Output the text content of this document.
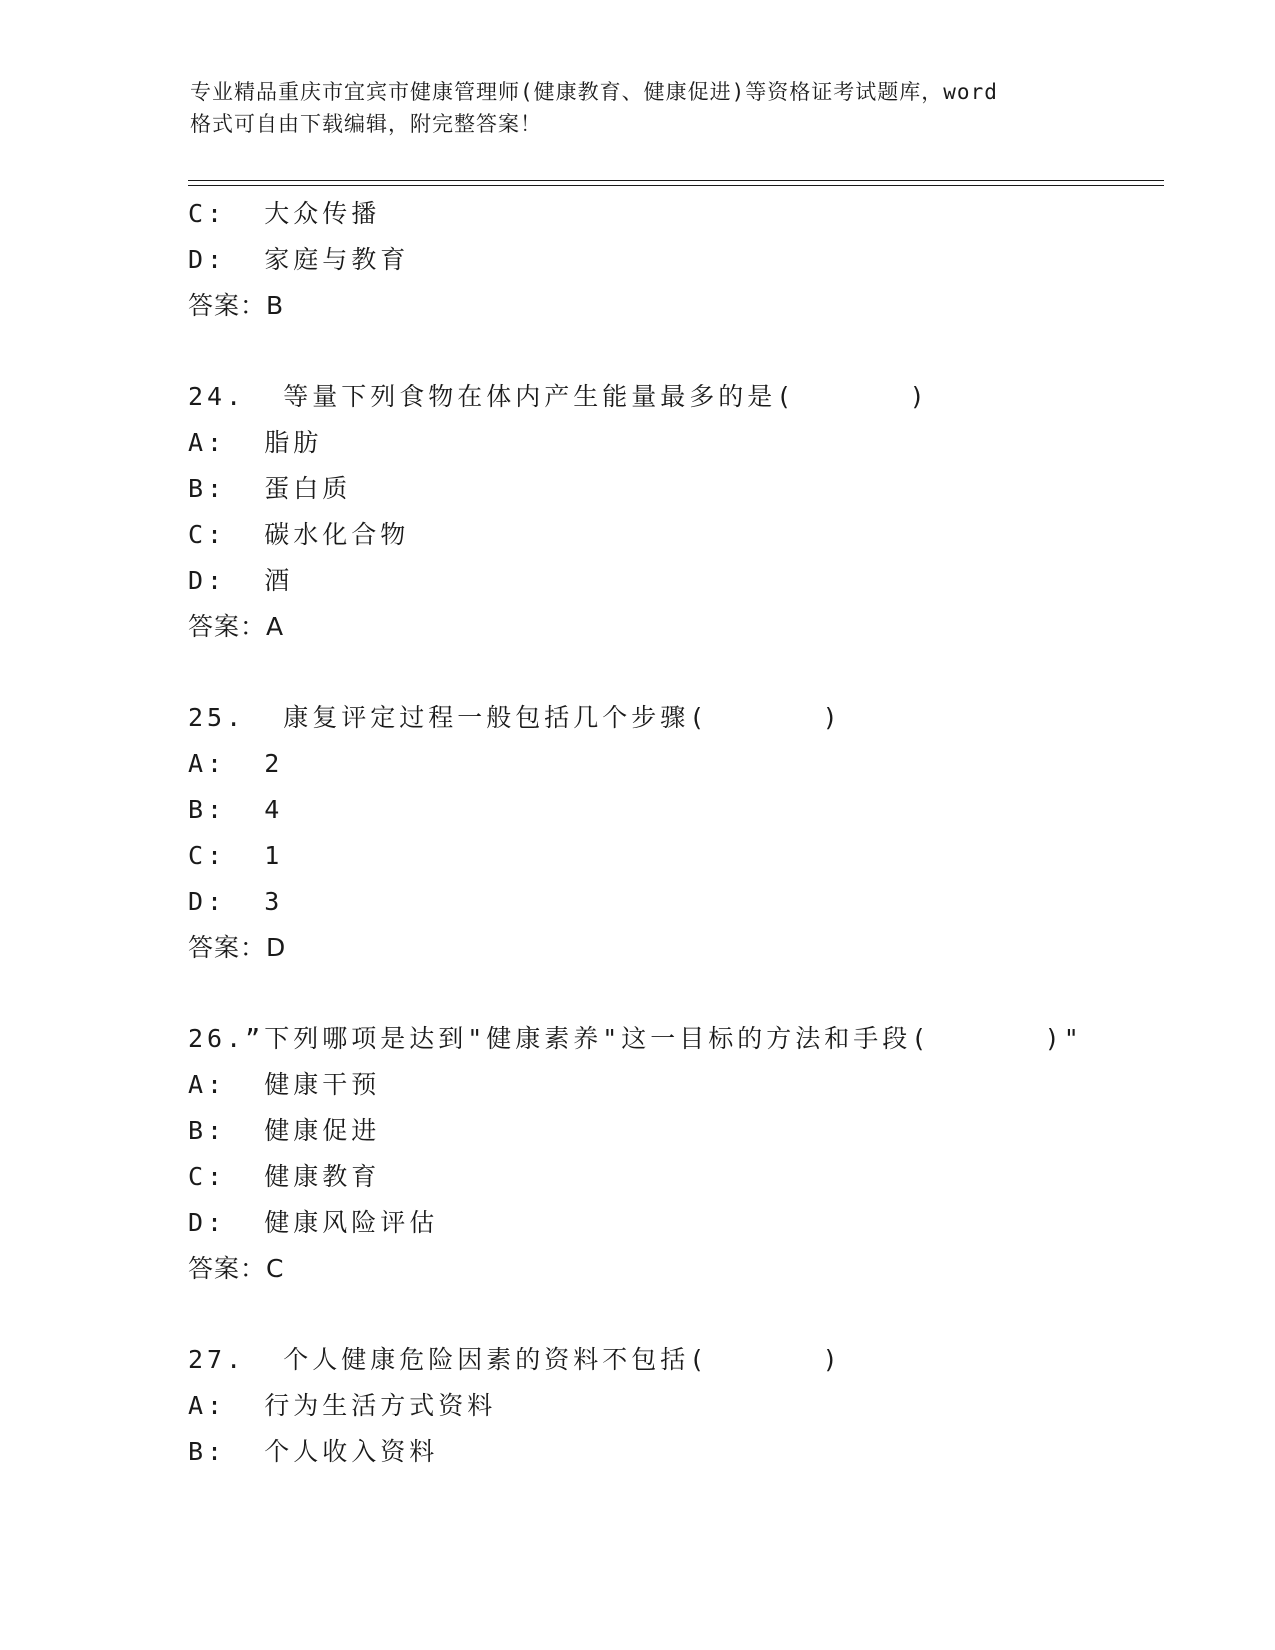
专业精品重庆市宜宾市健康管理师(健康教育、健康促进)等资格证考试题库，word
格式可自由下载编辑，附完整答案！
C:  大众传播
D:  家庭与教育
答案：B
24.  等量下列食物在体内产生能量最多的是(      )
A:  脂肪
B:  蛋白质
C:  碳水化合物
D:  酒
答案：A
25.  康复评定过程一般包括几个步骤(      )
A:  2
B:  4
C:  1
D:  3
答案：D
26.”下列哪项是达到"健康素养"这一目标的方法和手段(      )"
A:  健康干预
B:  健康促进
C:  健康教育
D:  健康风险评估
答案：C
27.  个人健康危险因素的资料不包括(      )
A:  行为生活方式资料
B:  个人收入资料
